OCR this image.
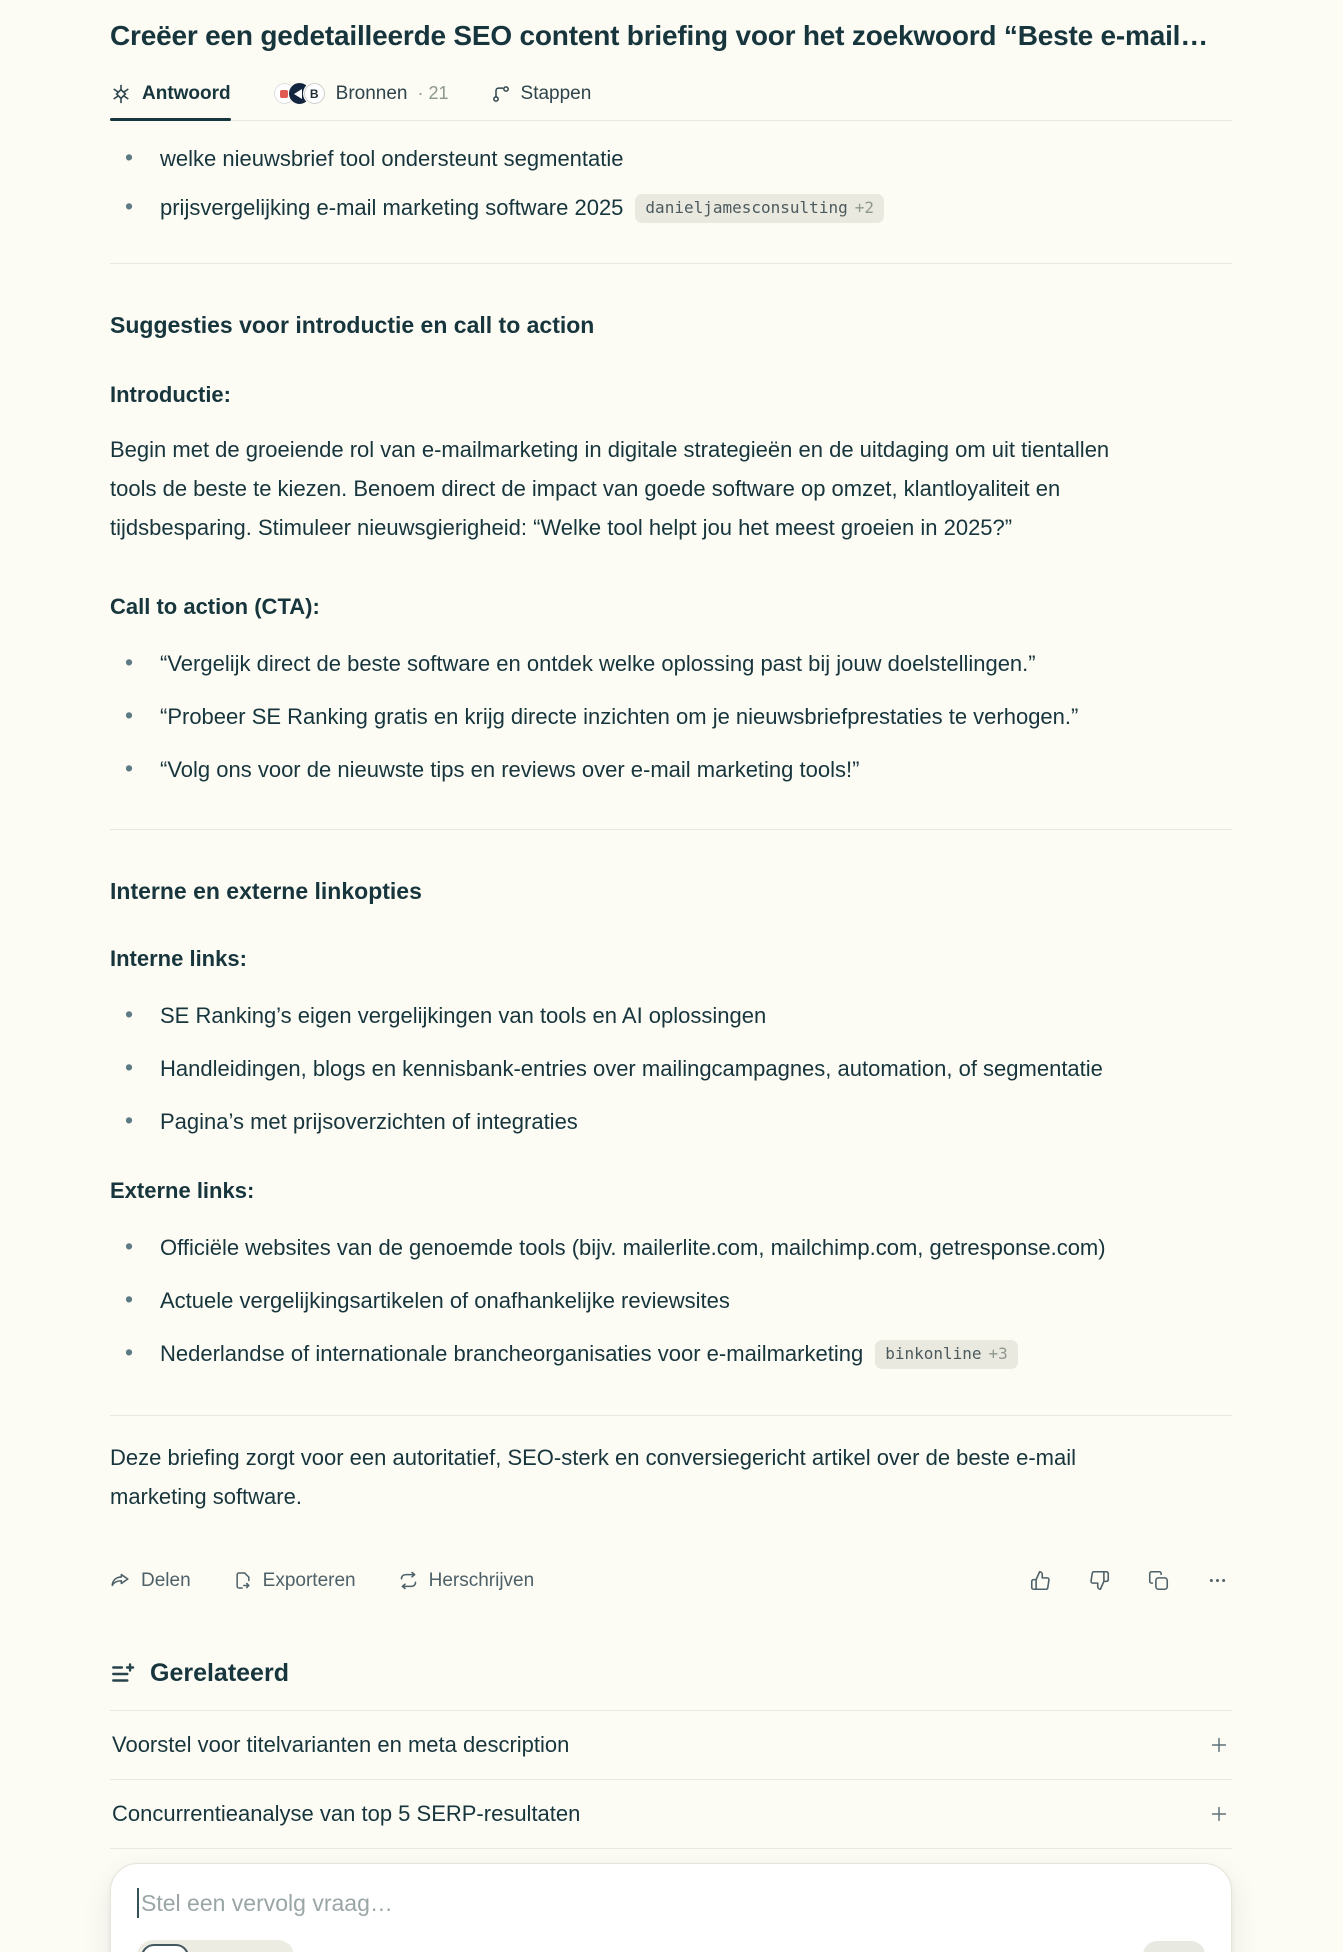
Creëer een gedetailleerde SEO content briefing voor het zoekwoord “Beste e-mail…
Antwoord	B Bronnen	· 21	Stappen
• welke nieuwsbrief tool ondersteunt segmentatie
• prijsvergelijking e-mail marketing software 2025 danieljamesconsulting +2
Suggesties voor introductie en call to action
Introductie:

Begin met de groeiende rol van e-mailmarketing in digitale strategieën en de uitdaging om uit tientallen tools de beste te kiezen. Benoem direct de impact van goede software op omzet, klantloyaliteit en tijdsbesparing. Stimuleer nieuwsgierigheid: “Welke tool helpt jou het meest groeien in 2025?”

Call to action (CTA):
• “Vergelijk direct de beste software en ontdek welke oplossing past bij jouw doelstellingen.”
• “Probeer SE Ranking gratis en krijg directe inzichten om je nieuwsbriefprestaties te verhogen.”
• “Volg ons voor de nieuwste tips en reviews over e-mail marketing tools!”
Interne en externe linkopties
Interne links:
• SE Ranking’s eigen vergelijkingen van tools en AI oplossingen
• Handleidingen, blogs en kennisbank-entries over mailingcampagnes, automation, of segmentatie
• Pagina’s met prijsoverzichten of integraties
Externe links:
• Officiële websites van de genoemde tools (bijv. mailerlite.com, mailchimp.com, getresponse.com)
• Actuele vergelijkingsartikelen of onafhankelijke reviewsites
• Nederlandse of internationale brancheorganisaties voor e-mailmarketing binkonline +3

Deze briefing zorgt voor een autoritatief, SEO-sterk en conversiegericht artikel over de beste e-mail marketing software.

Delen	Exporteren	Herschrijven
Gerelateerd
Voorstel voor titelvarianten en meta description
Concurrentieanalyse van top 5 SERP-resultaten
Stel een vervolg vraag…
